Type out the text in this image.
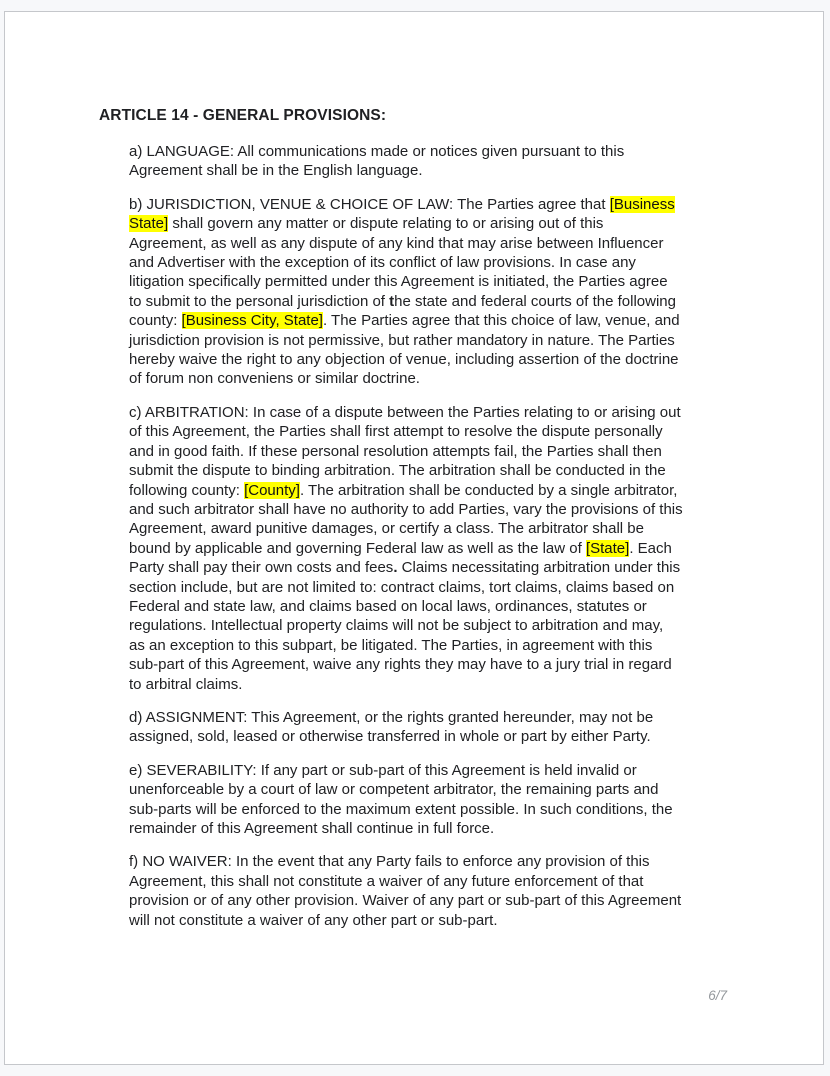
ARTICLE 14 - GENERAL PROVISIONS:
a) LANGUAGE: All communications made or notices given pursuant to this
Agreement shall be in the English language.
b) JURISDICTION, VENUE & CHOICE OF LAW: The Parties agree that [Business
State] shall govern any matter or dispute relating to or arising out of this
Agreement, as well as any dispute of any kind that may arise between Influencer
and Advertiser with the exception of its conflict of law provisions. In case any
litigation specifically permitted under this Agreement is initiated, the Parties agree
to submit to the personal jurisdiction of the state and federal courts of the following
county: [Business City, State]. The Parties agree that this choice of law, venue, and
jurisdiction provision is not permissive, but rather mandatory in nature. The Parties
hereby waive the right to any objection of venue, including assertion of the doctrine
of forum non conveniens or similar doctrine.
c) ARBITRATION: In case of a dispute between the Parties relating to or arising out
of this Agreement, the Parties shall first attempt to resolve the dispute personally
and in good faith. If these personal resolution attempts fail, the Parties shall then
submit the dispute to binding arbitration. The arbitration shall be conducted in the
following county: [County]. The arbitration shall be conducted by a single arbitrator,
and such arbitrator shall have no authority to add Parties, vary the provisions of this
Agreement, award punitive damages, or certify a class. The arbitrator shall be
bound by applicable and governing Federal law as well as the law of [State]. Each
Party shall pay their own costs and fees. Claims necessitating arbitration under this
section include, but are not limited to: contract claims, tort claims, claims based on
Federal and state law, and claims based on local laws, ordinances, statutes or
regulations. Intellectual property claims will not be subject to arbitration and may,
as an exception to this subpart, be litigated. The Parties, in agreement with this
sub-part of this Agreement, waive any rights they may have to a jury trial in regard
to arbitral claims.
d) ASSIGNMENT: This Agreement, or the rights granted hereunder, may not be
assigned, sold, leased or otherwise transferred in whole or part by either Party.
e) SEVERABILITY: If any part or sub-part of this Agreement is held invalid or
unenforceable by a court of law or competent arbitrator, the remaining parts and
sub-parts will be enforced to the maximum extent possible. In such conditions, the
remainder of this Agreement shall continue in full force.
f) NO WAIVER: In the event that any Party fails to enforce any provision of this
Agreement, this shall not constitute a waiver of any future enforcement of that
provision or of any other provision. Waiver of any part or sub-part of this Agreement
will not constitute a waiver of any other part or sub-part.
6/7
